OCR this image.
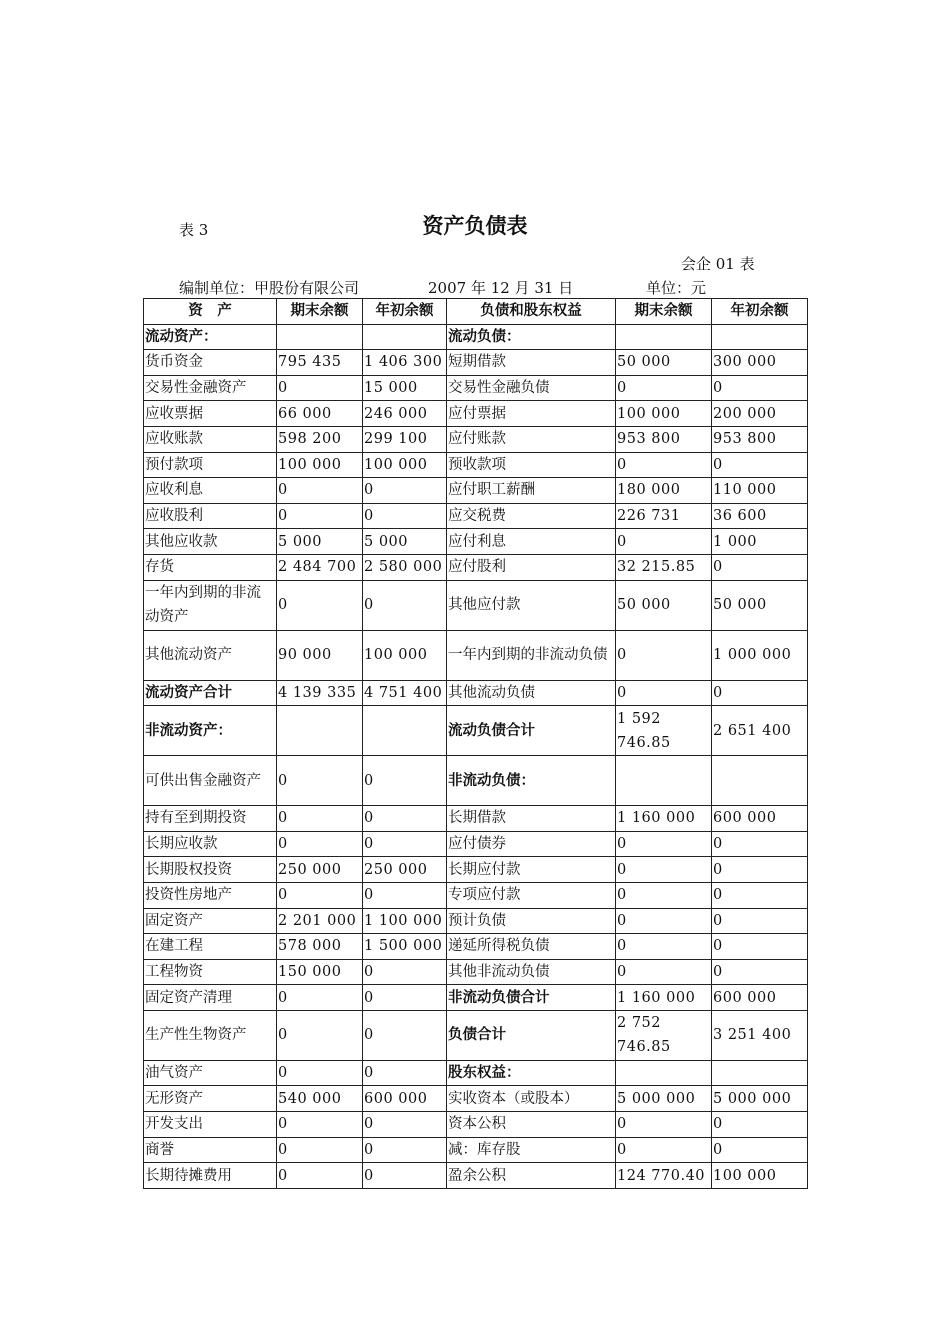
表 3	资产负债表
会企 01 表
编制单位：甲股份有限公司	2007 年 12 月 31 日	单位：元
资　产	期末余额	年初余额	负债和股东权益	期末余额	年初余额
流动资产：			流动负债：		
货币资金	795 435	1 406 300	短期借款	50 000	300 000
交易性金融资产	0	15 000	交易性金融负债	0	0
应收票据	66 000	246 000	应付票据	100 000	200 000
应收账款	598 200	299 100	应付账款	953 800	953 800
预付款项	100 000	100 000	预收款项	0	0
应收利息	0	0	应付职工薪酬	180 000	110 000
应收股利	0	0	应交税费	226 731	36 600
其他应收款	5 000	5 000	应付利息	0	1 000
存货	2 484 700	2 580 000	应付股利	32 215.85	0
一年内到期的非流动资产	0	0	其他应付款	50 000	50 000
其他流动资产	90 000	100 000	一年内到期的非流动负债	0	1 000 000
流动资产合计	4 139 335	4 751 400	其他流动负债	0	0
非流动资产：			流动负债合计	1 592 746.85	2 651 400
可供出售金融资产	0	0	非流动负债：		
持有至到期投资	0	0	长期借款	1 160 000	600 000
长期应收款	0	0	应付债券	0	0
长期股权投资	250 000	250 000	长期应付款	0	0
投资性房地产	0	0	专项应付款	0	0
固定资产	2 201 000	1 100 000	预计负债	0	0
在建工程	578 000	1 500 000	递延所得税负债	0	0
工程物资	150 000	0	其他非流动负债	0	0
固定资产清理	0	0	非流动负债合计	1 160 000	600 000
生产性生物资产	0	0	负债合计	2 752 746.85	3 251 400
油气资产	0	0	股东权益：		
无形资产	540 000	600 000	实收资本（或股本）	5 000 000	5 000 000
开发支出	0	0	资本公积	0	0
商誉	0	0	减：库存股	0	0
长期待摊费用	0	0	盈余公积	124 770.40	100 000
